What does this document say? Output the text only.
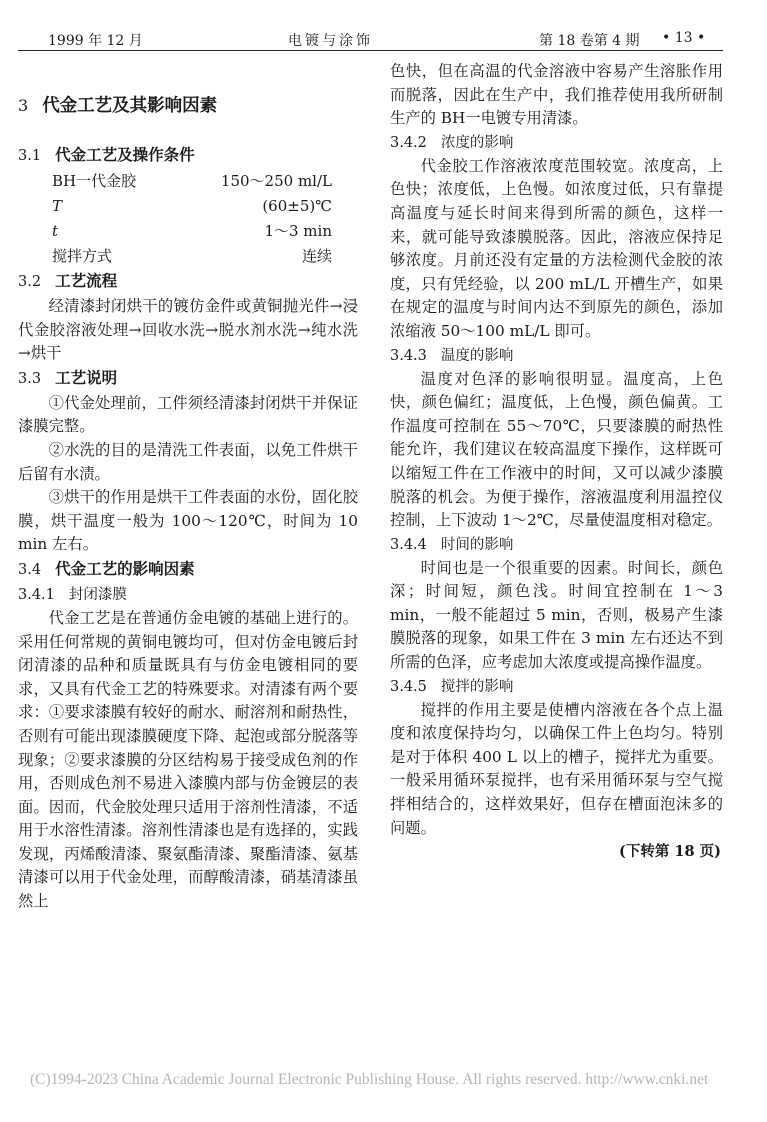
1999 年 12 月	电镀与涂饰	第 18 卷第 4 期 • 13 •

3 代金工艺及其影响因素

3.1 代金工艺及操作条件

BH一代金胶	150～250 ml/L
T	(60±5)℃
t	1～3 min
搅拌方式	连续

3.2 工艺流程

经清漆封闭烘干的镀仿金件或黄铜抛光件→浸代金胶溶液处理→回收水洗→脱水剂水洗→纯水洗→烘干

3.3 工艺说明

①代金处理前，工件须经清漆封闭烘干并保证漆膜完整。

②水洗的目的是清洗工件表面，以免工件烘干后留有水渍。

③烘干的作用是烘干工件表面的水份，固化胶膜，烘干温度一般为 100～120℃，时间为 10 min 左右。

3.4 代金工艺的影响因素

3.4.1 封闭漆膜

代金工艺是在普通仿金电镀的基础上进行的。采用任何常规的黄铜电镀均可，但对仿金电镀后封闭清漆的品种和质量既具有与仿金电镀相同的要求，又具有代金工艺的特殊要求。对清漆有两个要求：①要求漆膜有较好的耐水、耐溶剂和耐热性，否则有可能出现漆膜硬度下降、起泡或部分脱落等现象；②要求漆膜的分区结构易于接受成色剂的作用，否则成色剂不易进入漆膜内部与仿金镀层的表面。因而，代金胶处理只适用于溶剂性清漆，不适用于水溶性清漆。溶剂性清漆也是有选择的，实践发现，丙烯酸清漆、聚氨酯清漆、聚酯清漆、氨基清漆可以用于代金处理，而醇酸清漆，硝基清漆虽然上

色快，但在高温的代金溶液中容易产生溶胀作用而脱落，因此在生产中，我们推荐使用我所研制生产的 BH一电镀专用清漆。

3.4.2 浓度的影响

代金胶工作溶液浓度范围较宽。浓度高，上色快；浓度低，上色慢。如浓度过低，只有靠提高温度与延长时间来得到所需的颜色，这样一来，就可能导致漆膜脱落。因此，溶液应保持足够浓度。月前还没有定量的方法检测代金胶的浓度，只有凭经验，以 200 mL/L 开槽生产，如果在规定的温度与时间内达不到原先的颜色，添加浓缩液 50～100 mL/L 即可。

3.4.3 温度的影响

温度对色泽的影响很明显。温度高，上色快，颜色偏红；温度低，上色慢，颜色偏黄。工作温度可控制在 55～70℃，只要漆膜的耐热性能允许，我们建议在较高温度下操作，这样既可以缩短工件在工作液中的时间，又可以减少漆膜脱落的机会。为便于操作，溶液温度利用温控仪控制，上下波动 1～2℃，尽量使温度相对稳定。

3.4.4 时间的影响

时间也是一个很重要的因素。时间长，颜色深；时间短，颜色浅。时间宜控制在 1～3 min，一般不能超过 5 min，否则，极易产生漆膜脱落的现象，如果工件在 3 min 左右还达不到所需的色泽，应考虑加大浓度或提高操作温度。

3.4.5 搅拌的影响

搅拌的作用主要是使槽内溶液在各个点上温度和浓度保持均匀，以确保工件上色均匀。特别是对于体积 400 L 以上的槽子，搅拌尤为重要。一般采用循环泵搅拌，也有采用循环泵与空气搅拌相结合的，这样效果好，但存在槽面泡沫多的问题。

(下转第 18 页)

(C)1994-2023 China Academic Journal Electronic Publishing House. All rights reserved. http://www.cnki.net
